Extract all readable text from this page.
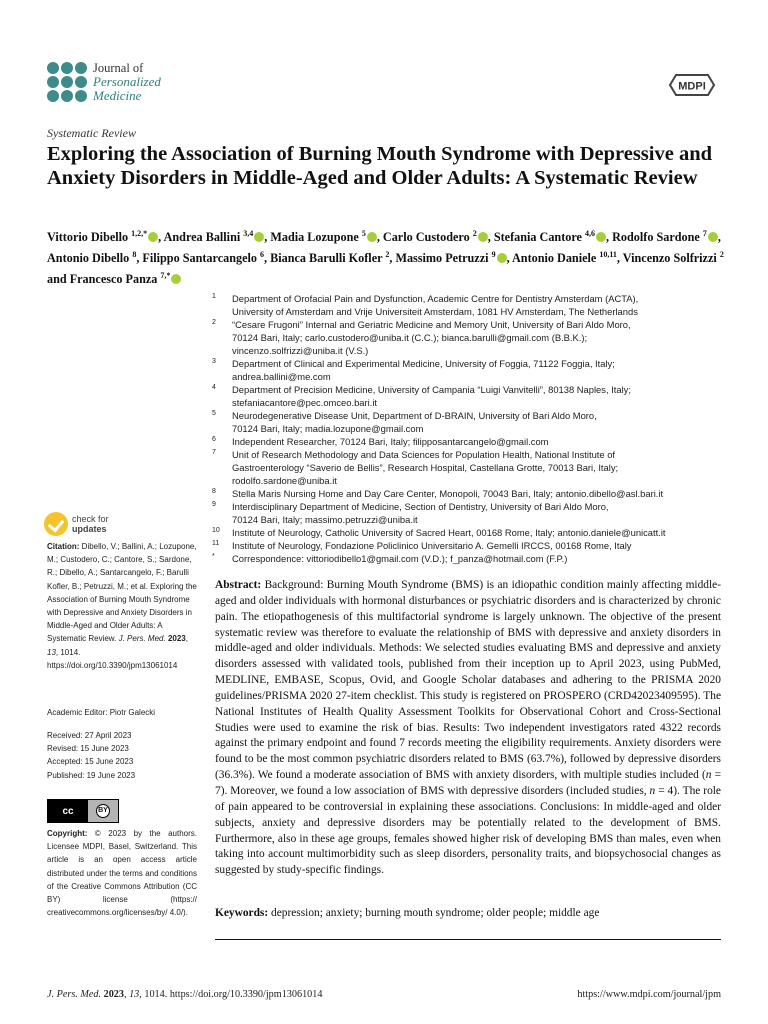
Journal of
Personalized
Medicine
MDPI
Systematic Review
Exploring the Association of Burning Mouth Syndrome with Depressive and Anxiety Disorders in Middle-Aged and Older Adults: A Systematic Review
Vittorio Dibello $^{1,2,*}$ , Andrea Ballini $^{3,4}$ , Madia Lozupone $^5$ , Carlo Custodero $^2$ , Stefania Cantore $^{4,6}$ , Rodolfo Sardone $^7$ , Antonio Dibello $^8$, Filippo Santarcangelo $^6$, Bianca Barulli Kofler $^2$, Massimo Petruzzi $^9$ , Antonio Daniele $^{10,11}$, Vincenzo Solfrizzi $^2$ and Francesco Panza $^{7,*}$
1	Department of Orofacial Pain and Dysfunction, Academic Centre for Dentistry Amsterdam (ACTA),
University of Amsterdam and Vrije Universiteit Amsterdam, 1081 HV Amsterdam, The Netherlands
2	“Cesare Frugoni” Internal and Geriatric Medicine and Memory Unit, University of Bari Aldo Moro,
70124 Bari, Italy; carlo.custodero@uniba.it (C.C.); bianca.barulli@gmail.com (B.B.K.);
vincenzo.solfrizzi@uniba.it (V.S.)
3	Department of Clinical and Experimental Medicine, University of Foggia, 71122 Foggia, Italy;
andrea.ballini@me.com
4	Department of Precision Medicine, University of Campania “Luigi Vanvitelli”, 80138 Naples, Italy;
stefaniacantore@pec.omceo.bari.it
5	Neurodegenerative Disease Unit, Department of D-BRAIN, University of Bari Aldo Moro,
70124 Bari, Italy; madia.lozupone@gmail.com
6	Independent Researcher, 70124 Bari, Italy; filipposantarcangelo@gmail.com
7	Unit of Research Methodology and Data Sciences for Population Health, National Institute of
Gastroenterology “Saverio de Bellis”, Research Hospital, Castellana Grotte, 70013 Bari, Italy;
rodolfo.sardone@uniba.it
8	Stella Maris Nursing Home and Day Care Center, Monopoli, 70043 Bari, Italy; antonio.dibello@asl.bari.it
9	Interdisciplinary Department of Medicine, Section of Dentistry, University of Bari Aldo Moro,
70124 Bari, Italy; massimo.petruzzi@uniba.it
10	Institute of Neurology, Catholic University of Sacred Heart, 00168 Rome, Italy; antonio.daniele@unicatt.it
11	Institute of Neurology, Fondazione Policlinico Universitario A. Gemelli IRCCS, 00168 Rome, Italy
*	Correspondence: vittoriodibello1@gmail.com (V.D.); f_panza@hotmail.com (F.P.)
check for
updates
Citation: Dibello, V.; Ballini, A.; Lozupone, M.; Custodero, C.; Cantore, S.; Sardone, R.; Dibello, A.; Santarcangelo, F.; Barulli Kofler, B.; Petruzzi, M.; et al. Exploring the Association of Burning Mouth Syndrome with Depressive and Anxiety Disorders in Middle-Aged and Older Adults: A Systematic Review. J. Pers. Med. 2023, 13, 1014. https://doi.org/10.3390/jpm13061014
Academic Editor: Piotr Galecki
Received: 27 April 2023
Revised: 15 June 2023
Accepted: 15 June 2023
Published: 19 June 2023
cc	BY
Copyright: © 2023 by the authors. Licensee MDPI, Basel, Switzerland. This article is an open access article distributed under the terms and conditions of the Creative Commons Attribution (CC BY) license (https:// creativecommons.org/licenses/by/ 4.0/).
Abstract: Background: Burning Mouth Syndrome (BMS) is an idiopathic condition mainly affecting middle-aged and older individuals with hormonal disturbances or psychiatric disorders and is characterized by chronic pain. The etiopathogenesis of this multifactorial syndrome is largely unknown. The objective of the present systematic review was therefore to evaluate the relationship of BMS with depressive and anxiety disorders in middle-aged and older individuals. Methods: We selected studies evaluating BMS and depressive and anxiety disorders assessed with validated tools, published from their inception up to April 2023, using PubMed, MEDLINE, EMBASE, Scopus, Ovid, and Google Scholar databases and adhering to the PRISMA 2020 guidelines/PRISMA 2020 27-item checklist. This study is registered on PROSPERO (CRD42023409595). The National Institutes of Health Quality Assessment Toolkits for Observational Cohort and Cross-Sectional Studies were used to examine the risk of bias. Results: Two independent investigators rated 4322 records against the primary endpoint and found 7 records meeting the eligibility requirements. Anxiety disorders were found to be the most common psychiatric disorders related to BMS (63.7%), followed by depressive disorders (36.3%). We found a moderate association of BMS with anxiety disorders, with multiple studies included (n = 7). Moreover, we found a low association of BMS with depressive disorders (included studies, n = 4). The role of pain appeared to be controversial in explaining these associations. Conclusions: In middle-aged and older subjects, anxiety and depressive disorders may be potentially related to the development of BMS. Furthermore, also in these age groups, females showed higher risk of developing BMS than males, even when taking into account multimorbidity such as sleep disorders, personality traits, and biopsychosocial changes as suggested by study-specific findings.
Keywords: depression; anxiety; burning mouth syndrome; older people; middle age
J. Pers. Med. 2023, 13, 1014. https://doi.org/10.3390/jpm13061014	https://www.mdpi.com/journal/jpm
